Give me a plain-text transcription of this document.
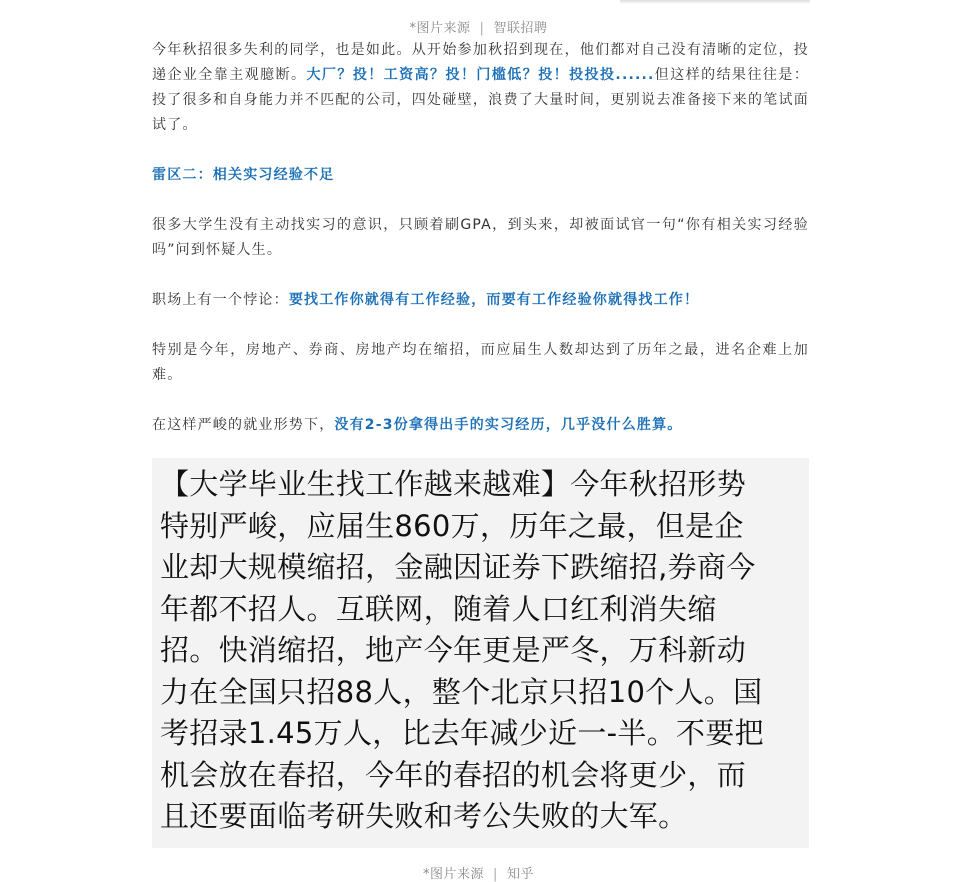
*图片来源 | 智联招聘

今年秋招很多失利的同学，也是如此。从开始参加秋招到现在，他们都对自己没有清晰的定位，投递企业全靠主观臆断。大厂？投！工资高？投！门槛低？投！投投投......但这样的结果往往是：投了很多和自身能力并不匹配的公司，四处碰壁，浪费了大量时间，更别说去准备接下来的笔试面试了。

雷区二：相关实习经验不足

很多大学生没有主动找实习的意识，只顾着刷GPA，到头来，却被面试官一句“你有相关实习经验吗”问到怀疑人生。

职场上有一个悖论：要找工作你就得有工作经验，而要有工作经验你就得找工作！

特别是今年，房地产、券商、房地产均在缩招，而应届生人数却达到了历年之最，进名企难上加难。

在这样严峻的就业形势下，没有2-3份拿得出手的实习经历，几乎没什么胜算。

【大学毕业生找工作越来越难】今年秋招形势
特别严峻，应届生860万，历年之最，但是企
业却大规模缩招，金融因证券下跌缩招,券商今
年都不招人。互联网，随着人口红利消失缩
招。快消缩招，地产今年更是严冬，万科新动
力在全国只招88人，整个北京只招10个人。国
考招录1.45万人，比去年减少近一-半。不要把
机会放在春招，今年的春招的机会将更少，而
且还要面临考研失败和考公失败的大军。

*图片来源 | 知乎
